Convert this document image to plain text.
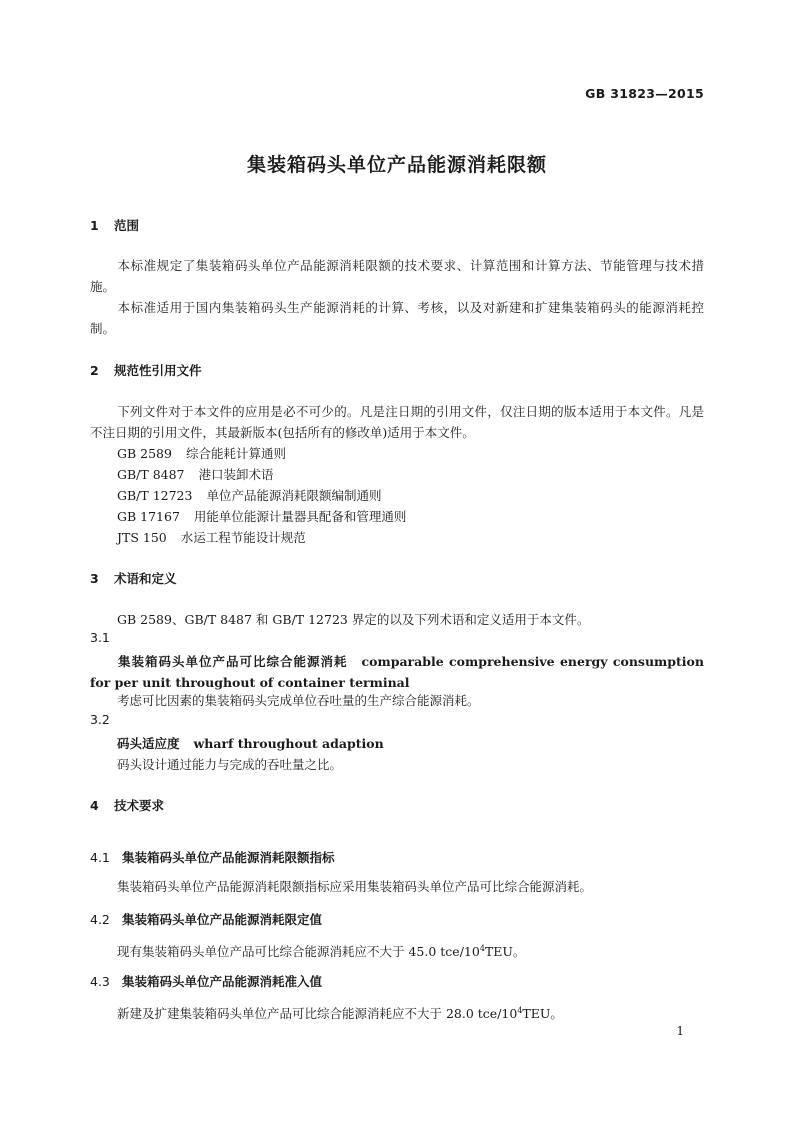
GB 31823—2015
集装箱码头单位产品能源消耗限额
1 范围
本标准规定了集装箱码头单位产品能源消耗限额的技术要求、计算范围和计算方法、节能管理与技术措施。
本标准适用于国内集装箱码头生产能源消耗的计算、考核，以及对新建和扩建集装箱码头的能源消耗控制。
2 规范性引用文件
下列文件对于本文件的应用是必不可少的。凡是注日期的引用文件，仅注日期的版本适用于本文件。凡是不注日期的引用文件，其最新版本(包括所有的修改单)适用于本文件。
GB 2589 综合能耗计算通则
GB/T 8487 港口装卸术语
GB/T 12723 单位产品能源消耗限额编制通则
GB 17167 用能单位能源计量器具配备和管理通则
JTS 150 水运工程节能设计规范
3 术语和定义
GB 2589、GB/T 8487 和 GB/T 12723 界定的以及下列术语和定义适用于本文件。
3.1
集装箱码头单位产品可比综合能源消耗 comparable comprehensive energy consumption for per unit throughout of container terminal
考虑可比因素的集装箱码头完成单位吞吐量的生产综合能源消耗。
3.2
码头适应度 wharf throughout adaption
码头设计通过能力与完成的吞吐量之比。
4 技术要求
4.1 集装箱码头单位产品能源消耗限额指标
集装箱码头单位产品能源消耗限额指标应采用集装箱码头单位产品可比综合能源消耗。
4.2 集装箱码头单位产品能源消耗限定值
现有集装箱码头单位产品可比综合能源消耗应不大于 45.0 tce/$10^4TEU$。
4.3 集装箱码头单位产品能源消耗准入值
新建及扩建集装箱码头单位产品可比综合能源消耗应不大于 28.0 tce/$10^4TEU$。
1
